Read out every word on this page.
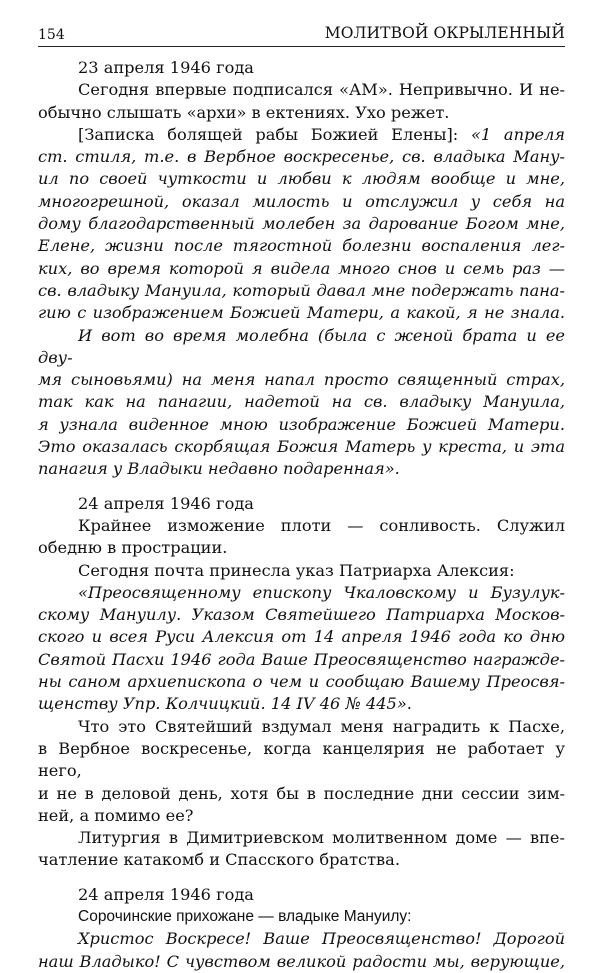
154	МОЛИТВОЙ ОКРЫЛЕННЫЙ

23 апреля 1946 года

Сегодня впервые подписался «АМ». Непривычно. И не-
обычно слышать «архи» в ектениях. Ухо режет.

[Записка болящей рабы Божией Елены]: «1 апреля
ст. стиля, т.е. в Вербное воскресенье, св. владыка Ману-
ил по своей чуткости и любви к людям вообще и мне,
многогрешной, оказал милость и отслужил у себя на
дому благодарственный молебен за дарование Богом мне,
Елене, жизни после тягостной болезни воспаления лег-
ких, во время которой я видела много снов и семь раз —
св. владыку Мануила, который давал мне подержать пана-
гию с изображением Божией Матери, а какой, я не знала.

И вот во время молебна (была с женой брата и ее дву-
мя сыновьями) на меня напал просто священный страх,
так как на панагии, надетой на св. владыку Мануила,
я узнала виденное мною изображение Божией Матери.
Это оказалась скорбящая Божия Матерь у креста, и эта
панагия у Владыки недавно подаренная».

24 апреля 1946 года

Крайнее изможение плоти — сонливость. Служил
обедню в прострации.

Сегодня почта принесла указ Патриарха Алексия:

«Преосвященному епископу Чкаловскому и Бузулук-
скому Мануилу. Указом Святейшего Патриарха Москов-
ского и всея Руси Алексия от 14 апреля 1946 года ко дню
Святой Пасхи 1946 года Ваше Преосвященство награжде-
ны саном архиепископа о чем и сообщаю Вашему Преосвя-
щенству Упр. Колчицкий. 14 IV 46 № 445».

Что это Святейший вздумал меня наградить к Пасхе,
в Вербное воскресенье, когда канцелярия не работает у него,
и не в деловой день, хотя бы в последние дни сессии зим-
ней, а помимо ее?

Литургия в Димитриевском молитвенном доме — впе-
чатление катакомб и Спасского братства.

24 апреля 1946 года

Сорочинские прихожане — владыке Мануилу:

Христос Воскресе! Ваше Преосвященство! Дорогой
наш Владыко! С чувством великой радости мы, верующие,
